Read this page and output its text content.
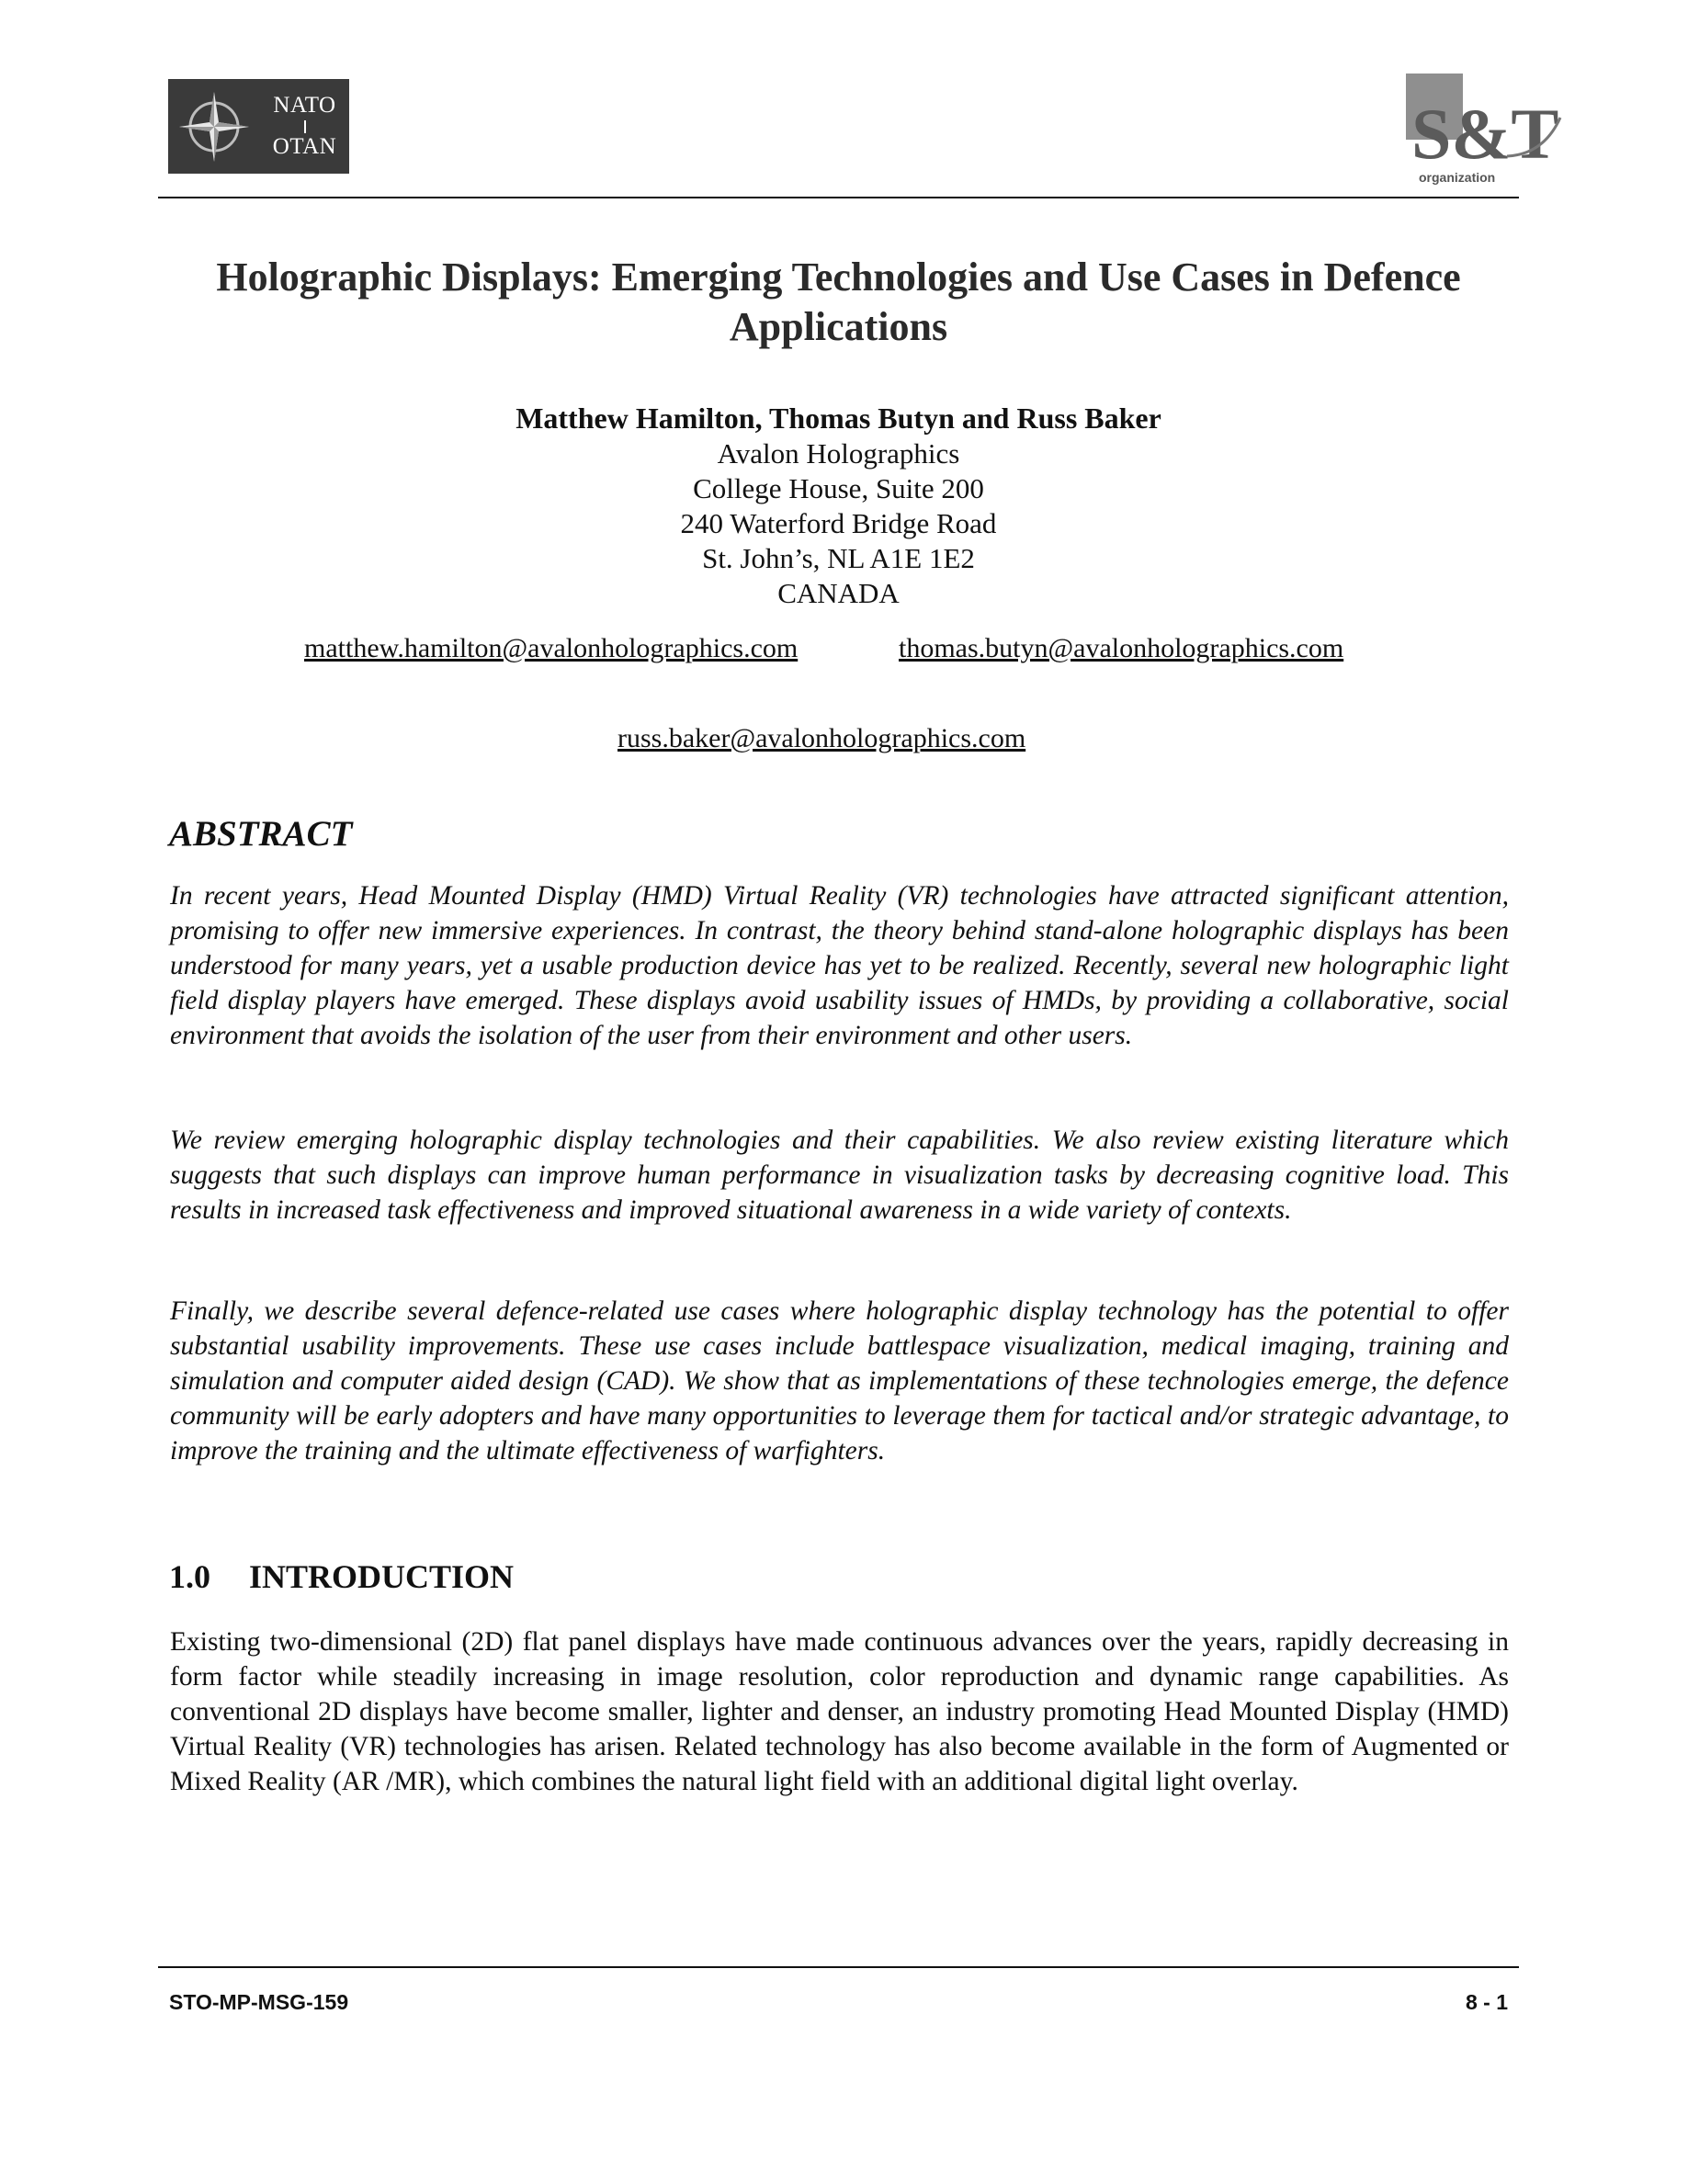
NATO
OTAN	S&T
organization
Holographic Displays: Emerging Technologies and Use Cases in Defence Applications

Matthew Hamilton, Thomas Butyn and Russ Baker

Avalon Holographics
College House, Suite 200
240 Waterford Bridge Road
St. John’s, NL A1E 1E2
CANADA
matthew.hamilton@avalonholographics.com	thomas.butyn@avalonholographics.com
russ.baker@avalonholographics.com
ABSTRACT

In recent years, Head Mounted Display (HMD) Virtual Reality (VR) technologies have attracted significant attention, promising to offer new immersive experiences. In contrast, the theory behind stand-alone holographic displays has been understood for many years, yet a usable production device has yet to be realized. Recently, several new holographic light field display players have emerged. These displays avoid usability issues of HMDs, by providing a collaborative, social environment that avoids the isolation of the user from their environment and other users.

We review emerging holographic display technologies and their capabilities. We also review existing literature which suggests that such displays can improve human performance in visualization tasks by decreasing cognitive load. This results in increased task effectiveness and improved situational awareness in a wide variety of contexts.

Finally, we describe several defence-related use cases where holographic display technology has the potential to offer substantial usability improvements. These use cases include battlespace visualization, medical imaging, training and simulation and computer aided design (CAD). We show that as implementations of these technologies emerge, the defence community will be early adopters and have many opportunities to leverage them for tactical and/or strategic advantage, to improve the training and the ultimate effectiveness of warfighters.

1.0 INTRODUCTION

Existing two-dimensional (2D) flat panel displays have made continuous advances over the years, rapidly decreasing in form factor while steadily increasing in image resolution, color reproduction and dynamic range capabilities. As conventional 2D displays have become smaller, lighter and denser, an industry promoting Head Mounted Display (HMD) Virtual Reality (VR) technologies has arisen. Related technology has also become available in the form of Augmented or Mixed Reality (AR /MR), which combines the natural light field with an additional digital light overlay.

STO-MP-MSG-159	8 - 1
